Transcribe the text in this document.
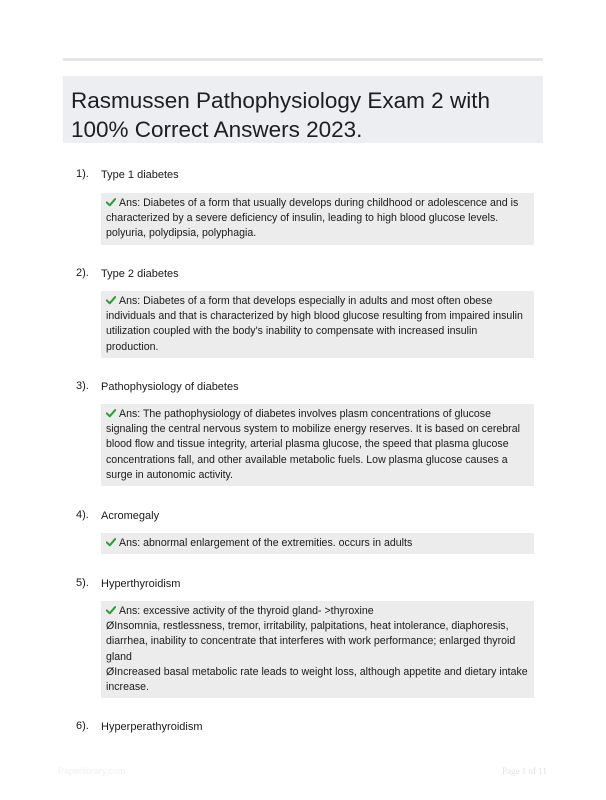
Rasmussen Pathophysiology Exam 2 with 100% Correct Answers 2023.
1). Type 1 diabetes
Ans: Diabetes of a form that usually develops during childhood or adolescence and is
characterized by a severe deficiency of insulin, leading to high blood glucose levels.
polyuria, polydipsia, polyphagia.
2). Type 2 diabetes
Ans: Diabetes of a form that develops especially in adults and most often obese
individuals and that is characterized by high blood glucose resulting from impaired insulin
utilization coupled with the body's inability to compensate with increased insulin
production.
3). Pathophysiology of diabetes
Ans: The pathophysiology of diabetes involves plasm concentrations of glucose
signaling the central nervous system to mobilize energy reserves. It is based on cerebral
blood flow and tissue integrity, arterial plasma glucose, the speed that plasma glucose
concentrations fall, and other available metabolic fuels. Low plasma glucose causes a
surge in autonomic activity.
4). Acromegaly
Ans: abnormal enlargement of the extremities. occurs in adults
5). Hyperthyroidism
Ans: excessive activity of the thyroid gland- >thyroxine
ØInsomnia, restlessness, tremor, irritability, palpitations, heat intolerance, diaphoresis,
diarrhea, inability to concentrate that interferes with work performance; enlarged thyroid
gland
ØIncreased basal metabolic rate leads to weight loss, although appetite and dietary intake
increase.
6). Hyperperathyroidism
Paperlibrary.com	Page 1 of 11
